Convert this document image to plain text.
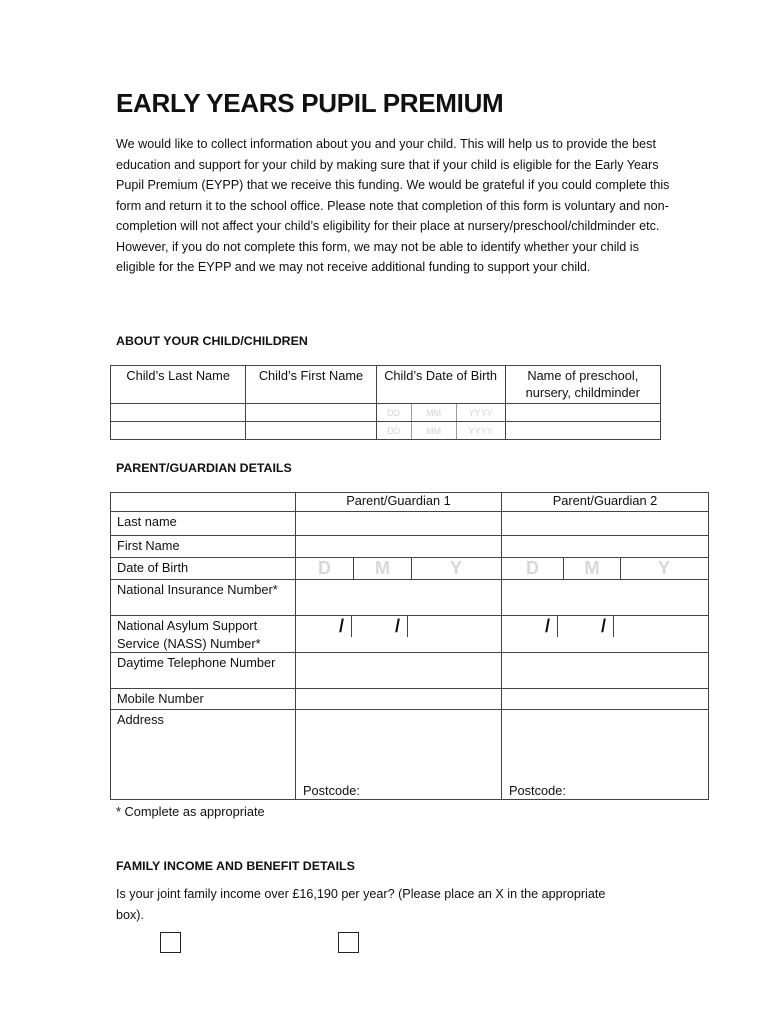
EARLY YEARS PUPIL PREMIUM

We would like to collect information about you and your child. This will help us to provide the best education and support for your child by making sure that if your child is eligible for the Early Years Pupil Premium (EYPP) that we receive this funding. We would be grateful if you could complete this form and return it to the school office. Please note that completion of this form is voluntary and non-completion will not affect your child’s eligibility for their place at nursery/preschool/childminder etc. However, if you do not complete this form, we may not be able to identify whether your child is eligible for the EYPP and we may not receive additional funding to support your child.

ABOUT YOUR CHILD/CHILDREN

Child’s Last Name	Child’s First Name	Child’s Date of Birth	Name of preschool, nursery, childminder

DD MM YYYY	

DD MM YYYY	

PARENT/GUARDIAN DETAILS

	Parent/Guardian 1	Parent/Guardian 2
Last name		
First Name		
Date of Birth	D M Y	D M Y

National Insurance Number*	

National Asylum Support Service (NASS) Number*	/ /	/ /

Daytime Telephone Number		
Mobile Number		
Address	Postcode:	Postcode:

* Complete as appropriate

FAMILY INCOME AND BENEFIT DETAILS

Is your joint family income over £16,190 per year? (Please place an X in the appropriate box).
